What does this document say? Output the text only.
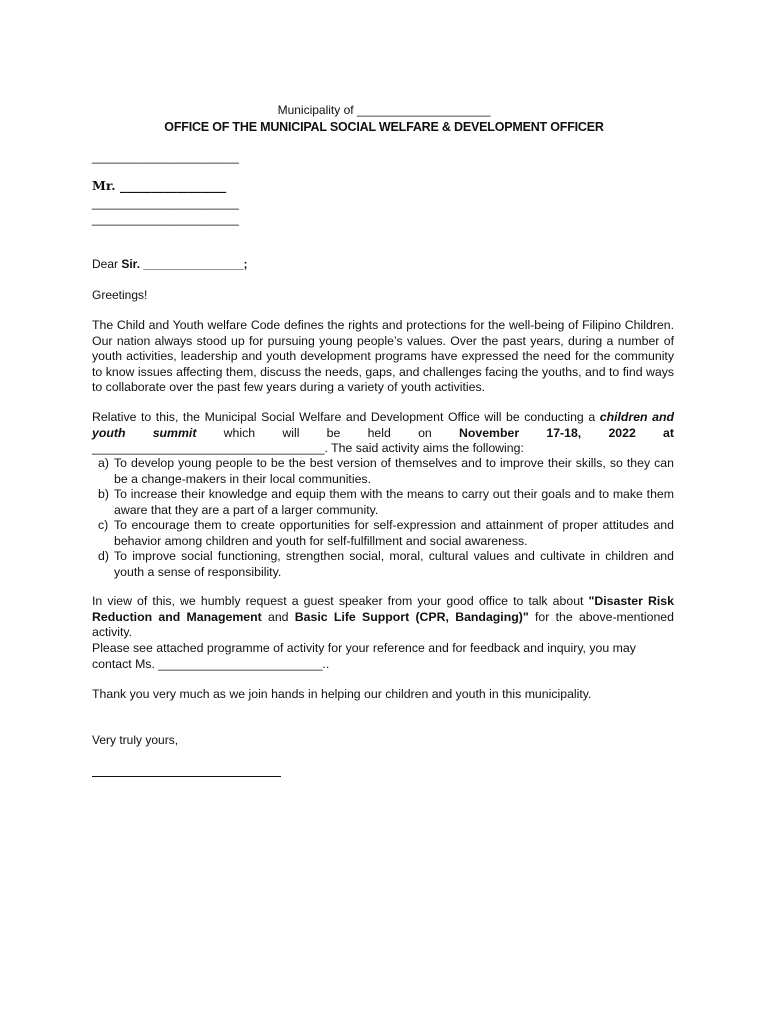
Municipality of ____________________
OFFICE OF THE MUNICIPAL SOCIAL WELFARE & DEVELOPMENT OFFICER
______________________
Mr. _________________
______________________
______________________
Dear Sir. _______________;
Greetings!
The Child and Youth welfare Code defines the rights and protections for the well-being of Filipino Children. Our nation always stood up for pursuing young people’s values. Over the past years, during a number of youth activities, leadership and youth development programs have expressed the need for the community to know issues affecting them, discuss the needs, gaps, and challenges facing the youths, and to find ways to collaborate over the past few years during a variety of youth activities.
Relative to this, the Municipal Social Welfare and Development Office will be conducting a children and youth summit which will be held on November 17-18, 2022 at __________________________________. The said activity aims the following:
a) To develop young people to be the best version of themselves and to improve their skills, so they can be a change-makers in their local communities.
b) To increase their knowledge and equip them with the means to carry out their goals and to make them aware that they are a part of a larger community.
c) To encourage them to create opportunities for self-expression and attainment of proper attitudes and behavior among children and youth for self-fulfillment and social awareness.
d) To improve social functioning, strengthen social, moral, cultural values and cultivate in children and youth a sense of responsibility.
In view of this, we humbly request a guest speaker from your good office to talk about "Disaster Risk Reduction and Management and Basic Life Support (CPR, Bandaging)" for the above-mentioned activity.
Please see attached programme of activity for your reference and for feedback and inquiry, you may contact Ms. ________________________..
Thank you very much as we join hands in helping our children and youth in this municipality.
Very truly yours,
